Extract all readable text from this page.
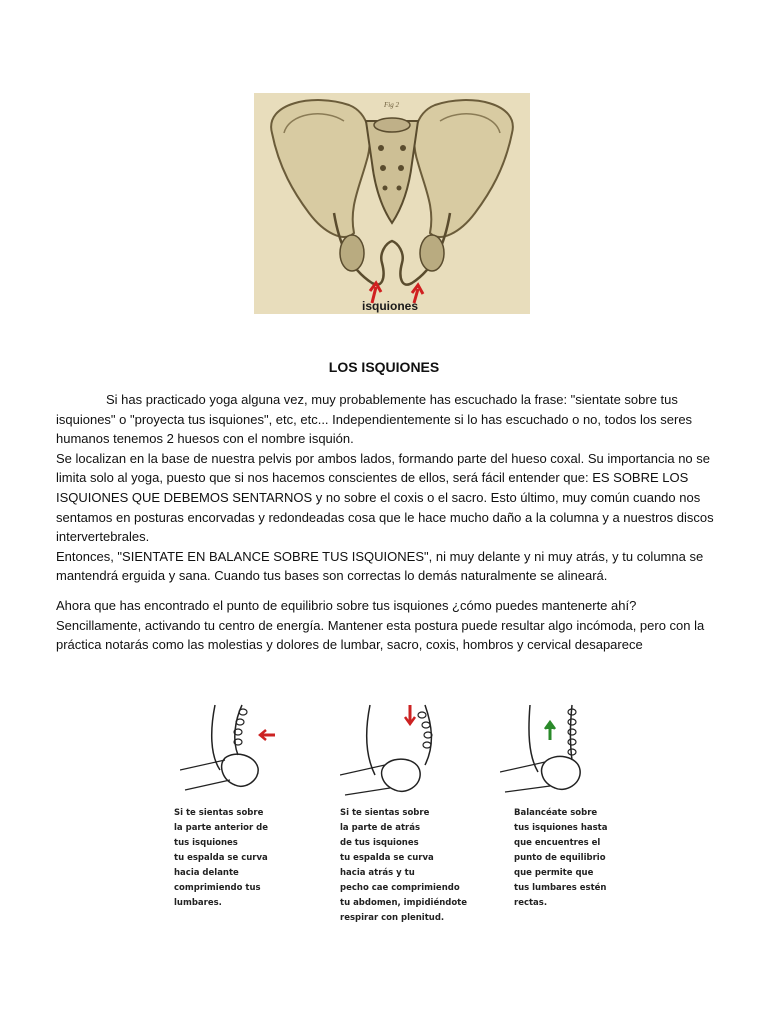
isquiones
Fig 2
LOS ISQUIONES

Si has practicado yoga alguna vez, muy probablemente has escuchado la frase: "sientate sobre tus isquiones" o "proyecta tus isquiones", etc, etc... Independientemente si lo has escuchado o no, todos los seres humanos tenemos 2 huesos con el nombre isquión.

Se localizan en la base de nuestra pelvis por ambos lados, formando parte del hueso coxal. Su importancia no se limita solo al yoga, puesto que si nos hacemos conscientes de ellos, será fácil entender que: ES SOBRE LOS ISQUIONES QUE DEBEMOS SENTARNOS y no sobre el coxis o el sacro. Esto último, muy común cuando nos sentamos en posturas encorvadas y redondeadas cosa que le hace mucho daño a la columna y a nuestros discos intervertebrales.

Entonces, "SIENTATE EN BALANCE SOBRE TUS ISQUIONES", ni muy delante y ni muy atrás, y tu columna se mantendrá erguida y sana. Cuando tus bases son correctas lo demás naturalmente se alineará.

Ahora que has encontrado el punto de equilibrio sobre tus isquiones ¿cómo puedes mantenerte ahí? Sencillamente, activando tu centro de energía. Mantener esta postura puede resultar algo incómoda, pero con la práctica notarás como las molestias y dolores de lumbar, sacro, coxis, hombros y cervical desaparece

Si te sientas sobre
la parte anterior de
tus isquiones
tu espalda se curva
hacia delante
comprimiendo tus
lumbares.
Si te sientas sobre
la parte de atrás
de tus isquiones
tu espalda se curva
hacia atrás y tu
pecho cae comprimiendo
tu abdomen, impidiéndote
respirar con plenitud.
Balancéate sobre
tus isquiones hasta
que encuentres el
punto de equilibrio
que permite que
tus lumbares estén
rectas.
